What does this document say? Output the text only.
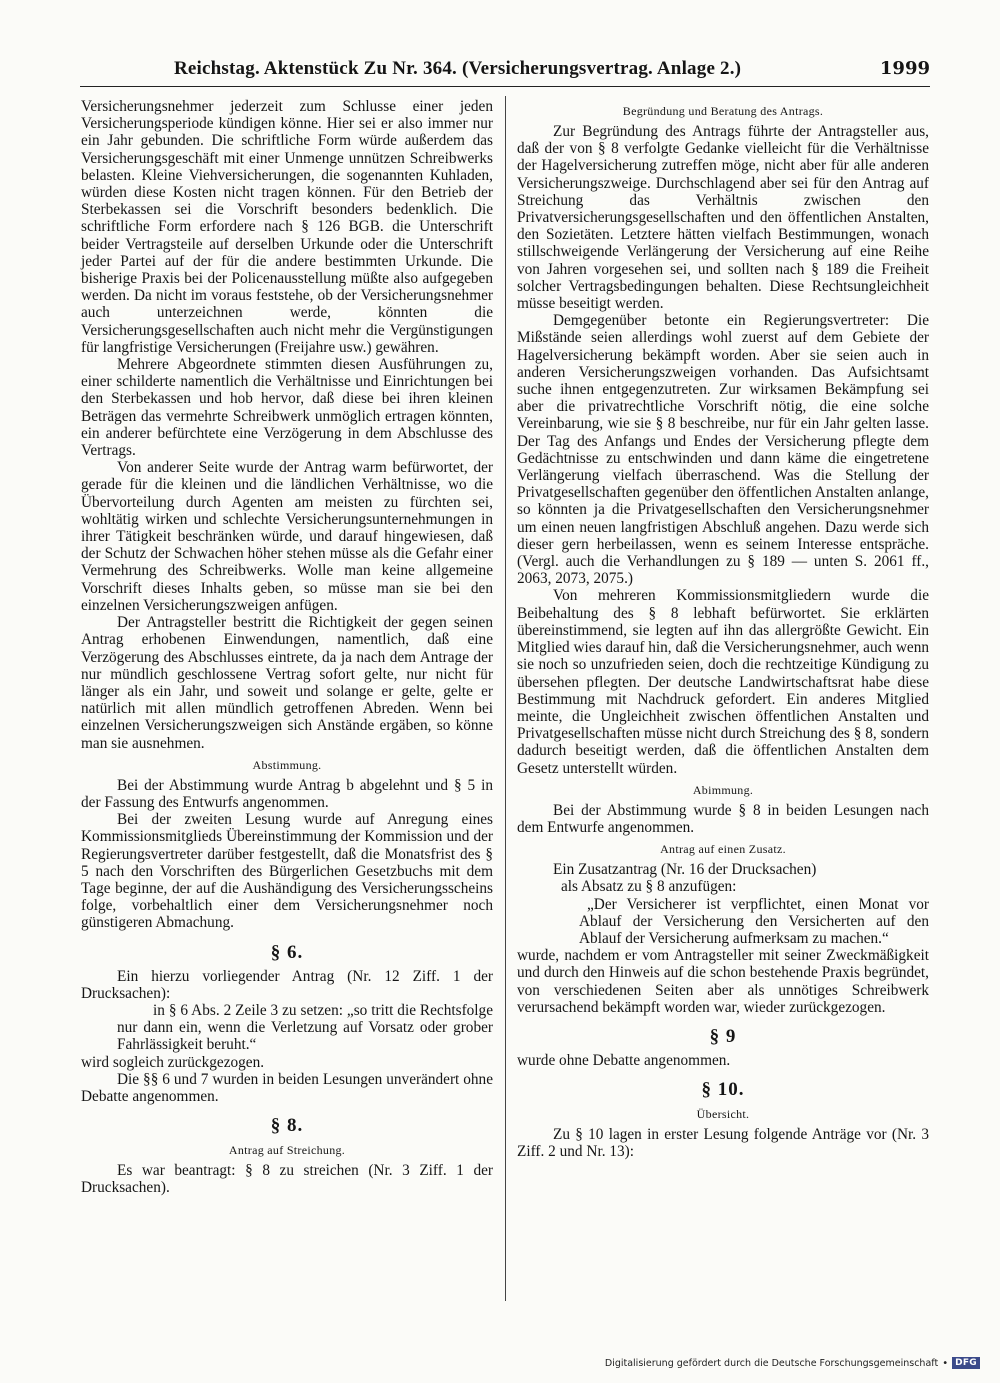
Reichstag. Aktenstück Zu Nr. 364. (Versicherungsvertrag. Anlage 2.)	1999

Versicherungsnehmer jederzeit zum Schlusse einer jeden Versicherungsperiode kündigen könne. Hier sei er also immer nur ein Jahr gebunden. Die schriftliche Form würde außerdem das Versicherungsgeschäft mit einer Unmenge unnützen Schreibwerks belasten. Kleine Viehversicherungen, die sogenannten Kuhladen, würden diese Kosten nicht tragen können. Für den Betrieb der Sterbekassen sei die Vorschrift besonders bedenklich. Die schriftliche Form erfordere nach § 126 BGB. die Unterschrift beider Vertragsteile auf derselben Urkunde oder die Unterschrift jeder Partei auf der für die andere bestimmten Urkunde. Die bisherige Praxis bei der Policenausstellung müßte also aufgegeben werden. Da nicht im voraus feststehe, ob der Versicherungsnehmer auch unterzeichnen werde, könnten die Versicherungsgesellschaften auch nicht mehr die Vergünstigungen für langfristige Versicherungen (Freijahre usw.) gewähren.

Mehrere Abgeordnete stimmten diesen Ausführungen zu, einer schilderte namentlich die Verhältnisse und Einrichtungen bei den Sterbekassen und hob hervor, daß diese bei ihren kleinen Beträgen das vermehrte Schreibwerk unmöglich ertragen könnten, ein anderer befürchtete eine Verzögerung in dem Abschlusse des Vertrags.

Von anderer Seite wurde der Antrag warm befürwortet, der gerade für die kleinen und die ländlichen Verhältnisse, wo die Übervorteilung durch Agenten am meisten zu fürchten sei, wohltätig wirken und schlechte Versicherungsunternehmungen in ihrer Tätigkeit beschränken würde, und darauf hingewiesen, daß der Schutz der Schwachen höher stehen müsse als die Gefahr einer Vermehrung des Schreibwerks. Wolle man keine allgemeine Vorschrift dieses Inhalts geben, so müsse man sie bei den einzelnen Versicherungszweigen anfügen.

Der Antragsteller bestritt die Richtigkeit der gegen seinen Antrag erhobenen Einwendungen, namentlich, daß eine Verzögerung des Abschlusses eintrete, da ja nach dem Antrage der nur mündlich geschlossene Vertrag sofort gelte, nur nicht für länger als ein Jahr, und soweit und solange er gelte, gelte er natürlich mit allen mündlich getroffenen Abreden. Wenn bei einzelnen Versicherungszweigen sich Anstände ergäben, so könne man sie ausnehmen.

Abstimmung.

Bei der Abstimmung wurde Antrag b abgelehnt und § 5 in der Fassung des Entwurfs angenommen.

Bei der zweiten Lesung wurde auf Anregung eines Kommissionsmitglieds Übereinstimmung der Kommission und der Regierungsvertreter darüber festgestellt, daß die Monatsfrist des § 5 nach den Vorschriften des Bürgerlichen Gesetzbuchs mit dem Tage beginne, der auf die Aushändigung des Versicherungsscheins folge, vorbehaltlich einer dem Versicherungsnehmer noch günstigeren Abmachung.

§ 6.

Ein hierzu vorliegender Antrag (Nr. 12 Ziff. 1 der Drucksachen):

in § 6 Abs. 2 Zeile 3 zu setzen: „so tritt die Rechtsfolge nur dann ein, wenn die Verletzung auf Vorsatz oder grober Fahrlässigkeit beruht.“

wird sogleich zurückgezogen.

Die §§ 6 und 7 wurden in beiden Lesungen unverändert ohne Debatte angenommen.

§ 8.

Antrag auf Streichung.

Es war beantragt: § 8 zu streichen (Nr. 3 Ziff. 1 der Drucksachen).

Begründung und Beratung des Antrags.

Zur Begründung des Antrags führte der Antragsteller aus, daß der von § 8 verfolgte Gedanke vielleicht für die Verhältnisse der Hagelversicherung zutreffen möge, nicht aber für alle anderen Versicherungszweige. Durchschlagend aber sei für den Antrag auf Streichung das Verhältnis zwischen den Privatversicherungsgesellschaften und den öffentlichen Anstalten, den Sozietäten. Letztere hätten vielfach Bestimmungen, wonach stillschweigende Verlängerung der Versicherung auf eine Reihe von Jahren vorgesehen sei, und sollten nach § 189 die Freiheit solcher Vertragsbedingungen behalten. Diese Rechtsungleichheit müsse beseitigt werden.

Demgegenüber betonte ein Regierungsvertreter: Die Mißstände seien allerdings wohl zuerst auf dem Gebiete der Hagelversicherung bekämpft worden. Aber sie seien auch in anderen Versicherungszweigen vorhanden. Das Aufsichtsamt suche ihnen entgegenzutreten. Zur wirksamen Bekämpfung sei aber die privatrechtliche Vorschrift nötig, die eine solche Vereinbarung, wie sie § 8 beschreibe, nur für ein Jahr gelten lasse. Der Tag des Anfangs und Endes der Versicherung pflegte dem Gedächtnisse zu entschwinden und dann käme die eingetretene Verlängerung vielfach überraschend. Was die Stellung der Privatgesellschaften gegenüber den öffentlichen Anstalten anlange, so könnten ja die Privatgesellschaften den Versicherungsnehmer um einen neuen langfristigen Abschluß angehen. Dazu werde sich dieser gern herbeilassen, wenn es seinem Interesse entspräche. (Vergl. auch die Verhandlungen zu § 189 — unten S. 2061 ff., 2063, 2073, 2075.)

Von mehreren Kommissionsmitgliedern wurde die Beibehaltung des § 8 lebhaft befürwortet. Sie erklärten übereinstimmend, sie legten auf ihn das allergrößte Gewicht. Ein Mitglied wies darauf hin, daß die Versicherungsnehmer, auch wenn sie noch so unzufrieden seien, doch die rechtzeitige Kündigung zu übersehen pflegten. Der deutsche Landwirtschaftsrat habe diese Bestimmung mit Nachdruck gefordert. Ein anderes Mitglied meinte, die Ungleichheit zwischen öffentlichen Anstalten und Privatgesellschaften müsse nicht durch Streichung des § 8, sondern dadurch beseitigt werden, daß die öffentlichen Anstalten dem Gesetz unterstellt würden.

Abimmung.

Bei der Abstimmung wurde § 8 in beiden Lesungen nach dem Entwurfe angenommen.

Antrag auf einen Zusatz.

Ein Zusatzantrag (Nr. 16 der Drucksachen)

als Absatz zu § 8 anzufügen:

„Der Versicherer ist verpflichtet, einen Monat vor Ablauf der Versicherung den Versicherten auf den Ablauf der Versicherung aufmerksam zu machen.“

wurde, nachdem er vom Antragsteller mit seiner Zweckmäßigkeit und durch den Hinweis auf die schon bestehende Praxis begründet, von verschiedenen Seiten aber als unnötiges Schreibwerk verursachend bekämpft worden war, wieder zurückgezogen.

§ 9

wurde ohne Debatte angenommen.

§ 10.

Übersicht.

Zu § 10 lagen in erster Lesung folgende Anträge vor (Nr. 3 Ziff. 2 und Nr. 13):

Digitalisierung gefördert durch die Deutsche Forschungsgemeinschaft • DFG
